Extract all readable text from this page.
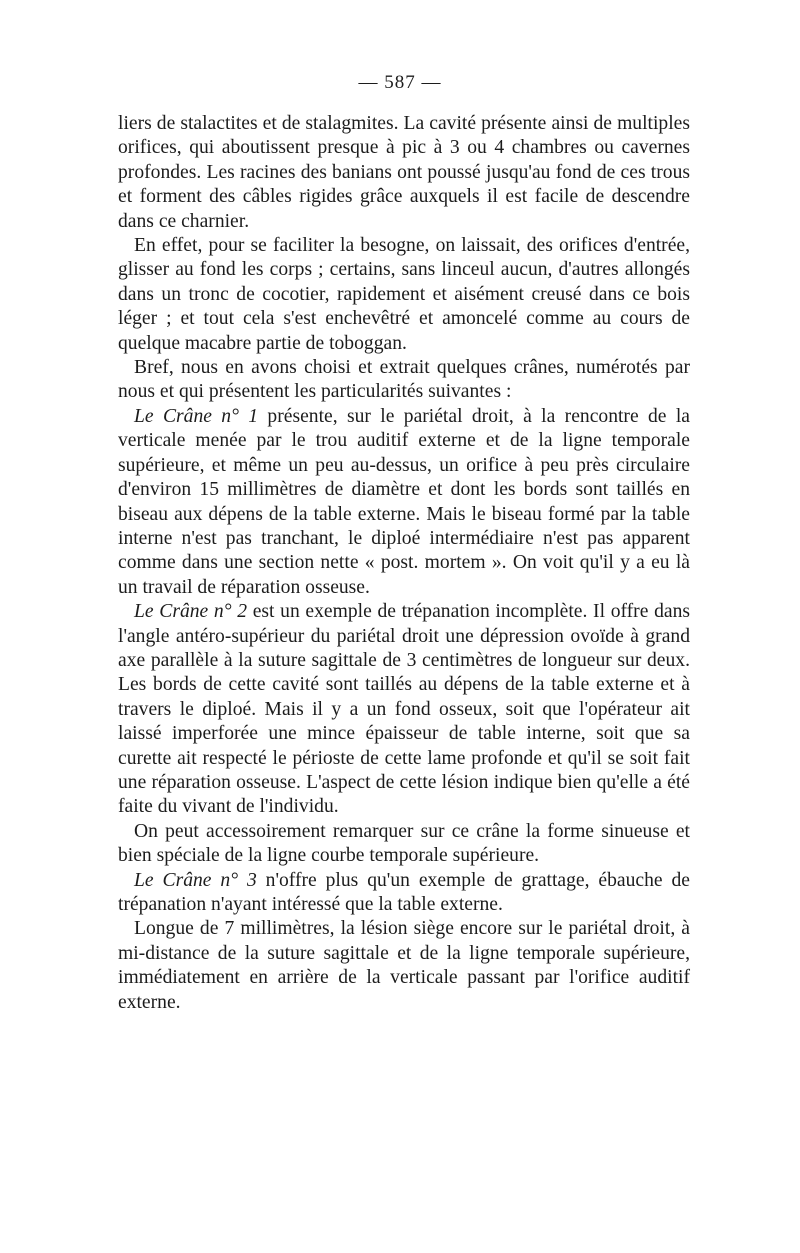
— 587 —

liers de stalactites et de stalagmites. La cavité présente ainsi de multiples orifices, qui aboutissent presque à pic à 3 ou 4 chambres ou cavernes profondes. Les racines des banians ont poussé jusqu'au fond de ces trous et forment des câbles rigides grâce auxquels il est facile de descendre dans ce charnier.

En effet, pour se faciliter la besogne, on laissait, des orifices d'entrée, glisser au fond les corps ; certains, sans linceul aucun, d'autres allongés dans un tronc de cocotier, rapidement et aisément creusé dans ce bois léger ; et tout cela s'est enchevêtré et amoncelé comme au cours de quelque macabre partie de toboggan.

Bref, nous en avons choisi et extrait quelques crânes, numérotés par nous et qui présentent les particularités suivantes :

Le Crâne n° 1 présente, sur le pariétal droit, à la rencontre de la verticale menée par le trou auditif externe et de la ligne temporale supérieure, et même un peu au-dessus, un orifice à peu près circulaire d'environ 15 millimètres de diamètre et dont les bords sont taillés en biseau aux dépens de la table externe. Mais le biseau formé par la table interne n'est pas tranchant, le diploé intermédiaire n'est pas apparent comme dans une section nette « post. mortem ». On voit qu'il y a eu là un travail de réparation osseuse.

Le Crâne n° 2 est un exemple de trépanation incomplète. Il offre dans l'angle antéro-supérieur du pariétal droit une dépression ovoïde à grand axe parallèle à la suture sagittale de 3 centimètres de longueur sur deux. Les bords de cette cavité sont taillés au dépens de la table externe et à travers le diploé. Mais il y a un fond osseux, soit que l'opérateur ait laissé imperforée une mince épaisseur de table interne, soit que sa curette ait respecté le périoste de cette lame profonde et qu'il se soit fait une réparation osseuse. L'aspect de cette lésion indique bien qu'elle a été faite du vivant de l'individu.

On peut accessoirement remarquer sur ce crâne la forme sinueuse et bien spéciale de la ligne courbe temporale supérieure.

Le Crâne n° 3 n'offre plus qu'un exemple de grattage, ébauche de trépanation n'ayant intéressé que la table externe.

Longue de 7 millimètres, la lésion siège encore sur le pariétal droit, à mi-distance de la suture sagittale et de la ligne temporale supérieure, immédiatement en arrière de la verticale passant par l'orifice auditif externe.
